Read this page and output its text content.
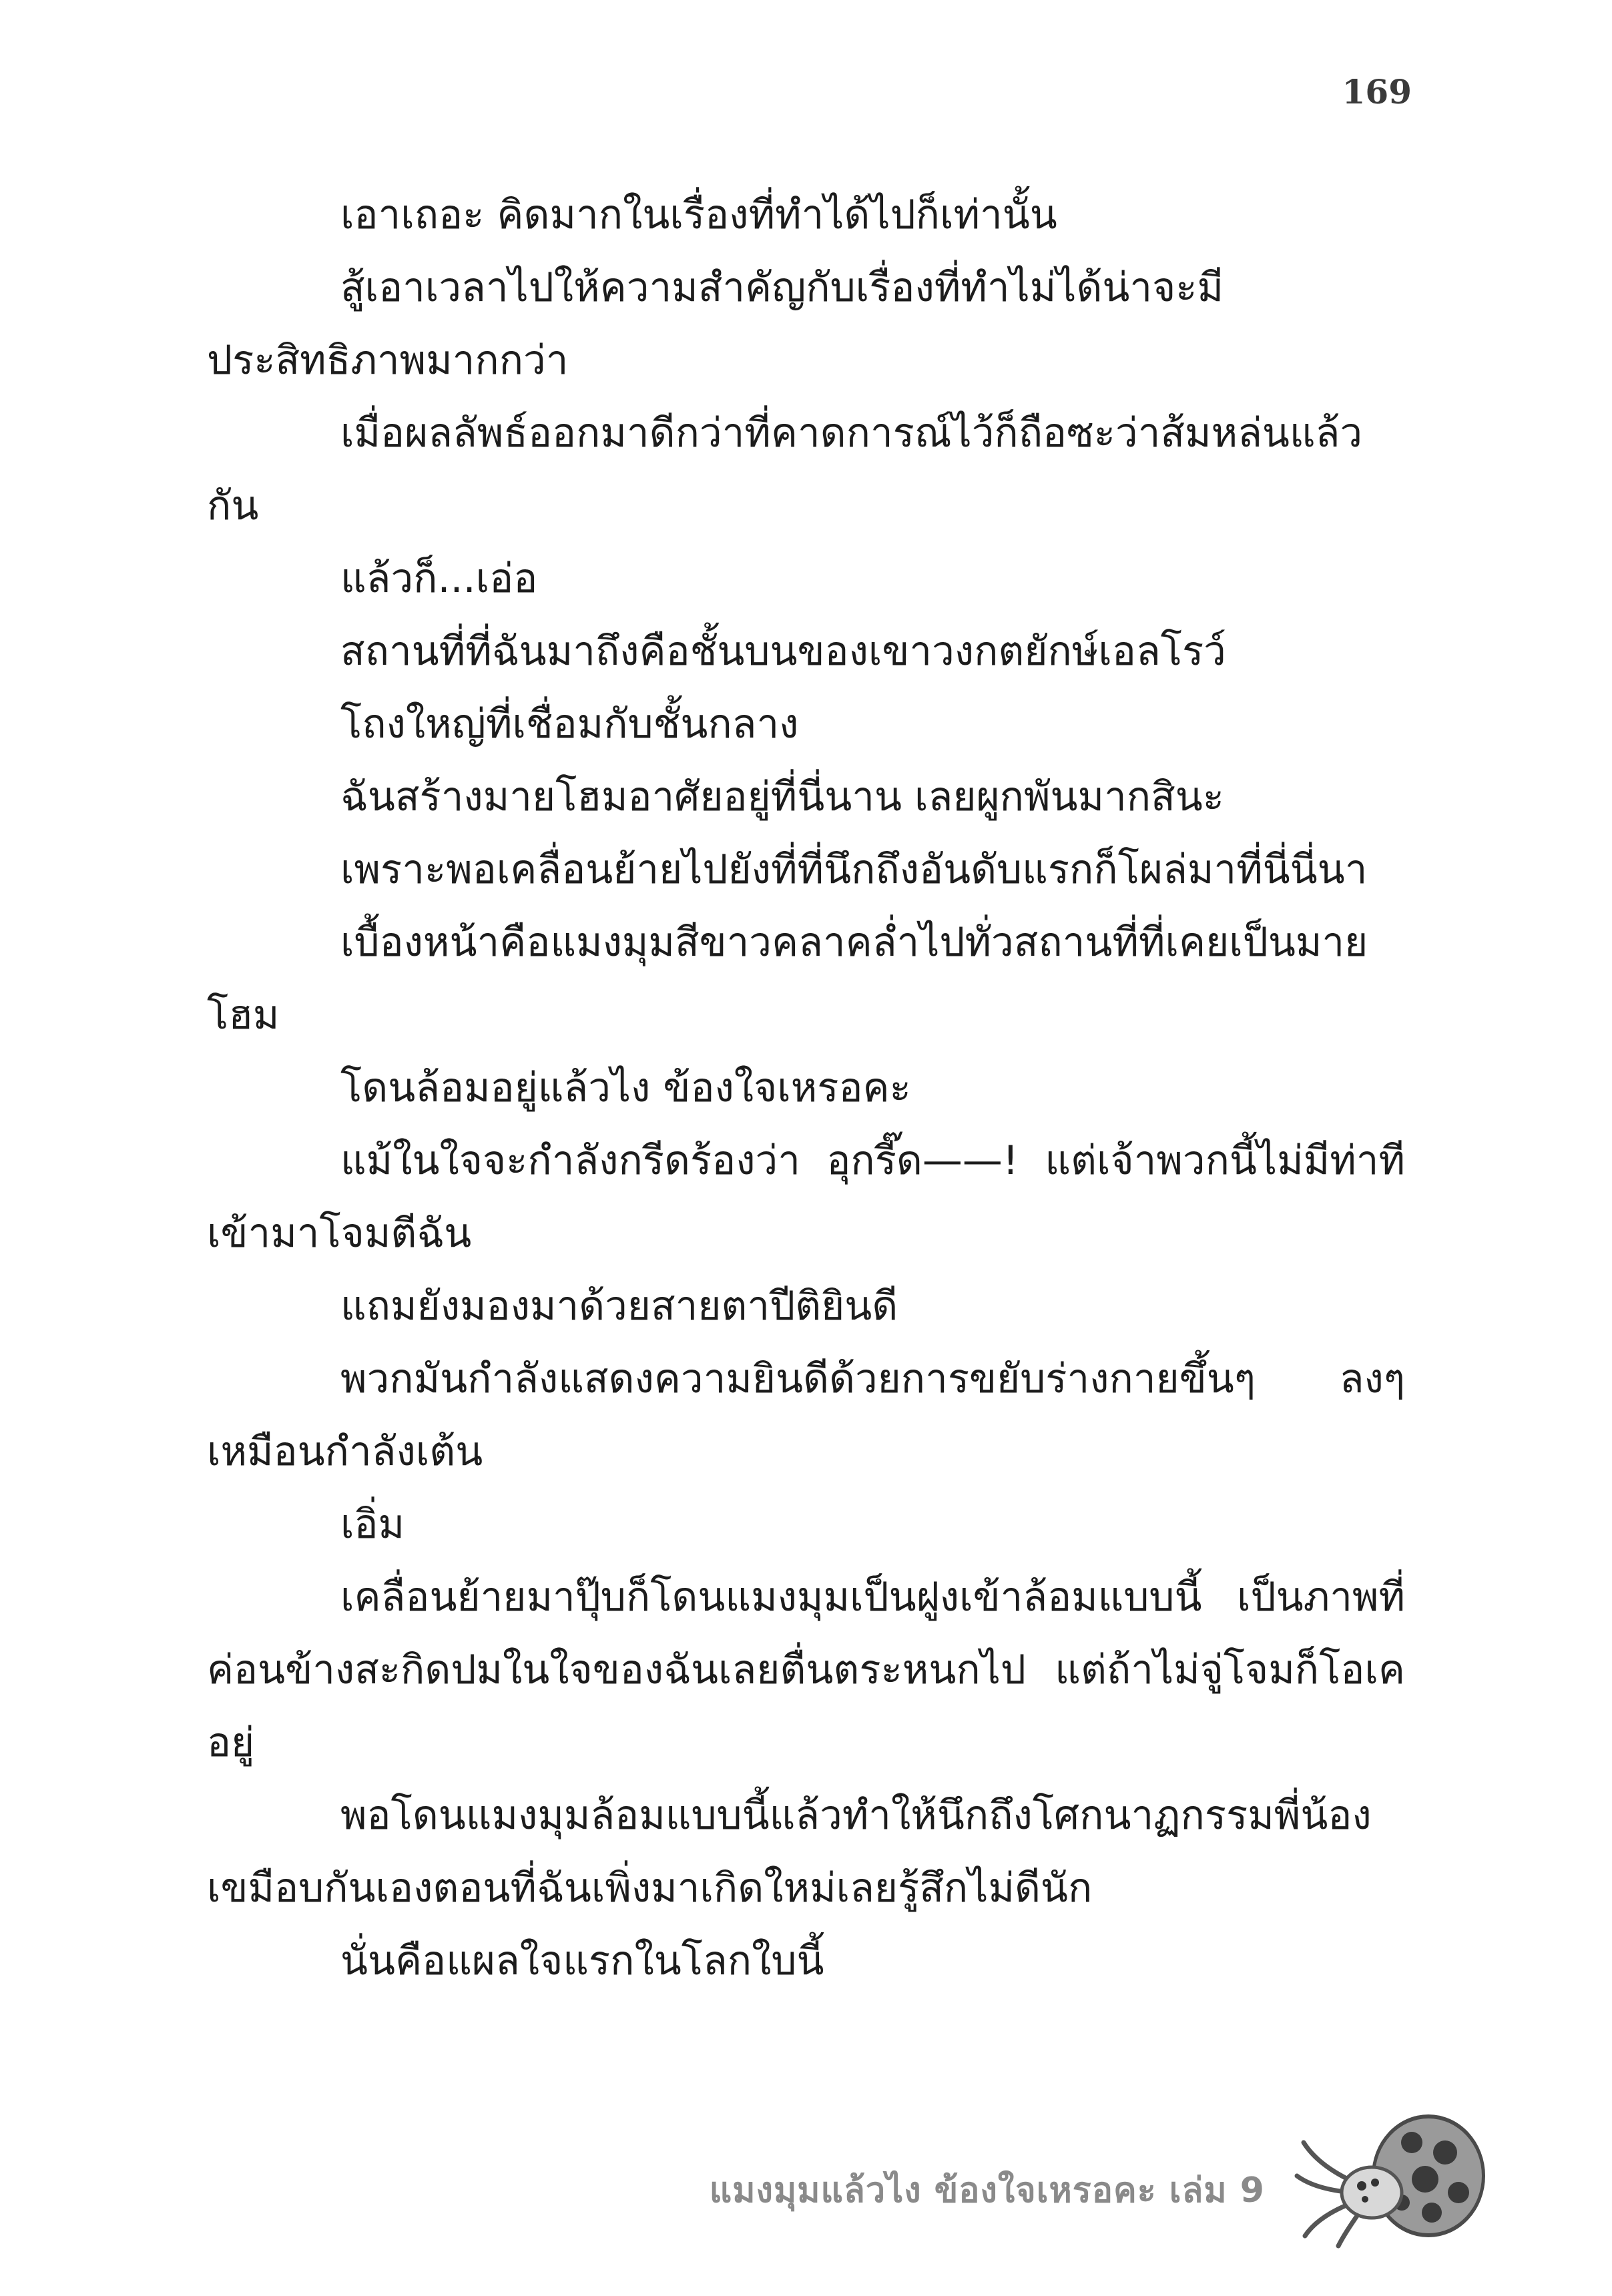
169

เอาเถอะ คิดมากในเรื่องที่ทำได้ไปก็เท่านั้น

สู้เอาเวลาไปให้ความสำคัญกับเรื่องที่ทำไม่ได้น่าจะมีประสิทธิภาพมากกว่า

เมื่อผลลัพธ์ออกมาดีกว่าที่คาดการณ์ไว้ก็ถือซะว่าส้มหล่นแล้วกัน

แล้วก็...เอ่อ

สถานที่ที่ฉันมาถึงคือชั้นบนของเขาวงกตยักษ์เอลโรว์

โถงใหญ่ที่เชื่อมกับชั้นกลาง

ฉันสร้างมายโฮมอาศัยอยู่ที่นี่นาน เลยผูกพันมากสินะ

เพราะพอเคลื่อนย้ายไปยังที่ที่นึกถึงอันดับแรกก็โผล่มาที่นี่นี่นา

เบื้องหน้าคือแมงมุมสีขาวคลาคล่ำไปทั่วสถานที่ที่เคยเป็นมายโฮม

โดนล้อมอยู่แล้วไง ข้องใจเหรอคะ

แม้ในใจจะกำลังกรีดร้องว่า อุกรี๊ด——! แต่เจ้าพวกนี้ไม่มีท่าทีเข้ามาโจมตีฉัน

แถมยังมองมาด้วยสายตาปีติยินดี

พวกมันกำลังแสดงความยินดีด้วยการขยับร่างกายขึ้นๆ ลงๆ เหมือนกำลังเต้น

เอิ่ม

เคลื่อนย้ายมาปุ๊บก็โดนแมงมุมเป็นฝูงเข้าล้อมแบบนี้ เป็นภาพที่ค่อนข้างสะกิดปมในใจของฉันเลยตื่นตระหนกไป แต่ถ้าไม่จู่โจมก็โอเคอยู่

พอโดนแมงมุมล้อมแบบนี้แล้วทำให้นึกถึงโศกนาฏกรรมพี่น้องเขมือบกันเองตอนที่ฉันเพิ่งมาเกิดใหม่เลยรู้สึกไม่ดีนัก

นั่นคือแผลใจแรกในโลกใบนี้

แมงมุมแล้วไง ข้องใจเหรอคะ เล่ม 9
